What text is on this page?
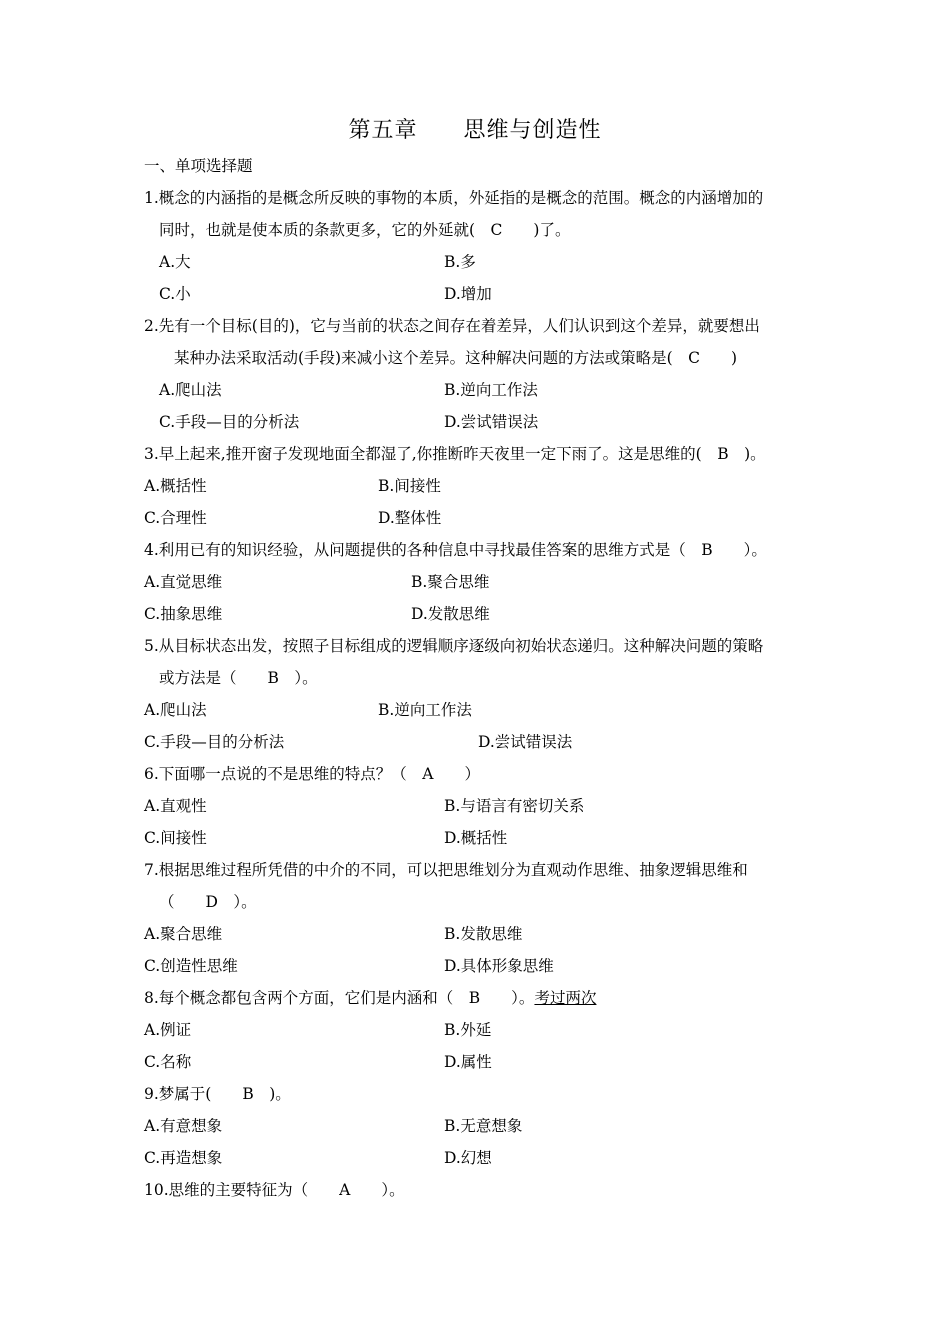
第五章　　思维与创造性
一、单项选择题
1.概念的内涵指的是概念所反映的事物的本质，外延指的是概念的范围。概念的内涵增加的
同时，也就是使本质的条款更多，它的外延就(　C　　)了。
A.大	B.多
C.小	D.增加
2.先有一个目标(目的)，它与当前的状态之间存在着差异，人们认识到这个差异，就要想出
某种办法采取活动(手段)来减小这个差异。这种解决问题的方法或策略是(　C　　)
A.爬山法	B.逆向工作法
C.手段—目的分析法	D.尝试错误法
3.早上起来,推开窗子发现地面全都湿了,你推断昨天夜里一定下雨了。这是思维的(　B　)。
A.概括性	B.间接性
C.合理性	D.整体性
4.利用已有的知识经验，从问题提供的各种信息中寻找最佳答案的思维方式是（　B　　）。
A.直觉思维	B.聚合思维
C.抽象思维	D.发散思维
5.从目标状态出发，按照子目标组成的逻辑顺序逐级向初始状态递归。这种解决问题的策略
或方法是（　　B　）。
A.爬山法	B.逆向工作法
C.手段—目的分析法	D.尝试错误法
6.下面哪一点说的不是思维的特点？（　A　　）
A.直观性	B.与语言有密切关系
C.间接性	D.概括性
7.根据思维过程所凭借的中介的不同，可以把思维划分为直观动作思维、抽象逻辑思维和
（　　D　）。
A.聚合思维	B.发散思维
C.创造性思维	D.具体形象思维
8.每个概念都包含两个方面，它们是内涵和（　B　　）。考过两次
A.例证	B.外延
C.名称	D.属性
9.梦属于(　　B　)。
A.有意想象	B.无意想象
C.再造想象	D.幻想
10.思维的主要特征为（　　A　　）。
